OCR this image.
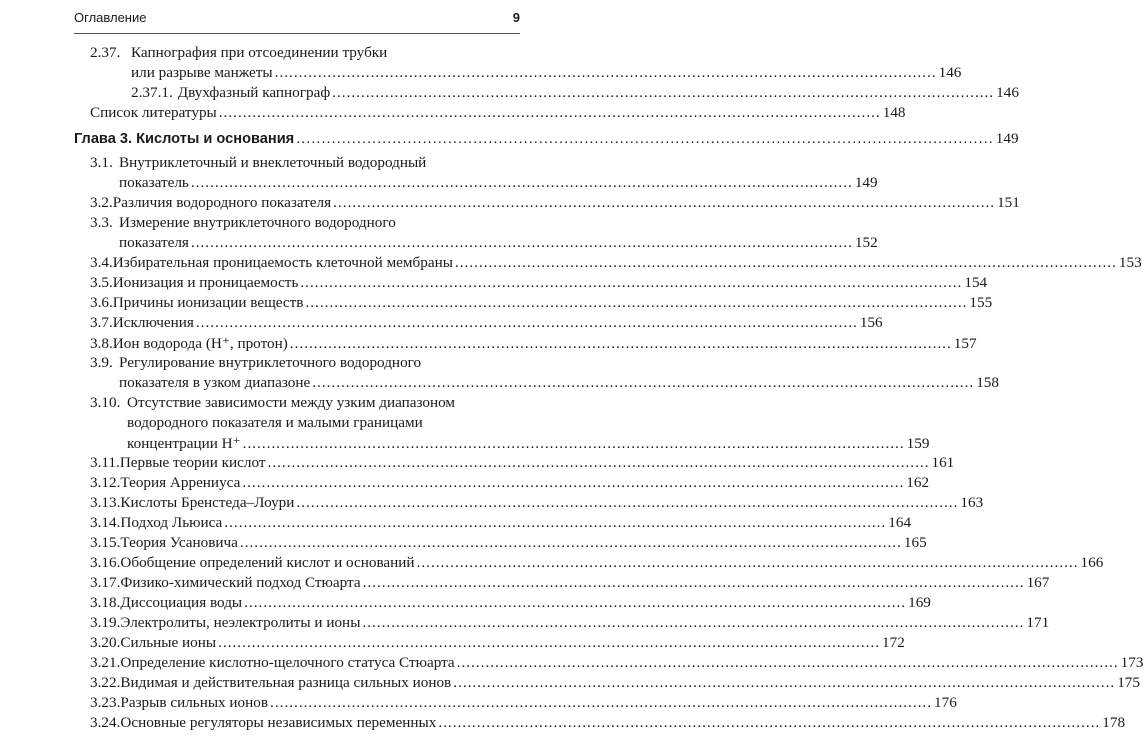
Оглавление	9
2.37. Капнография при отсоединении трубки
или разрыве манжеты .......................................................................................................................................... 146
2.37.1. Двухфазный капнограф .......................................................................................................................................... 146
Список литературы .......................................................................................................................................... 148
Глава 3. Кислоты и основания .......................................................................................................................................... 149
3.1. Внутриклеточный и внеклеточный водородный
показатель .......................................................................................................................................... 149
3.2. Различия водородного показателя .......................................................................................................................................... 151
3.3. Измерение внутриклеточного водородного
показателя .......................................................................................................................................... 152
3.4. Избирательная проницаемость клеточной мембраны .......................................................................................................................................... 153
3.5. Ионизация и проницаемость .......................................................................................................................................... 154
3.6. Причины ионизации веществ .......................................................................................................................................... 155
3.7. Исключения .......................................................................................................................................... 156
3.8. Ион водорода (H⁺, протон) .......................................................................................................................................... 157
3.9. Регулирование внутриклеточного водородного
показателя в узком диапазоне .......................................................................................................................................... 158
3.10. Отсутствие зависимости между узким диапазоном
водородного показателя и малыми границами
концентрации H⁺ .......................................................................................................................................... 159
3.11. Первые теории кислот .......................................................................................................................................... 161
3.12. Теория Аррениуса .......................................................................................................................................... 162
3.13. Кислоты Бренстеда–Лоури .......................................................................................................................................... 163
3.14. Подход Льюиса .......................................................................................................................................... 164
3.15. Теория Усановича .......................................................................................................................................... 165
3.16. Обобщение определений кислот и оснований .......................................................................................................................................... 166
3.17. Физико-химический подход Стюарта .......................................................................................................................................... 167
3.18. Диссоциация воды .......................................................................................................................................... 169
3.19. Электролиты, неэлектролиты и ионы .......................................................................................................................................... 171
3.20. Сильные ионы .......................................................................................................................................... 172
3.21. Определение кислотно-щелочного статуса Стюарта .......................................................................................................................................... 173
3.22. Видимая и действительная разница сильных ионов .......................................................................................................................................... 175
3.23. Разрыв сильных ионов .......................................................................................................................................... 176
3.24. Основные регуляторы независимых переменных .......................................................................................................................................... 178
